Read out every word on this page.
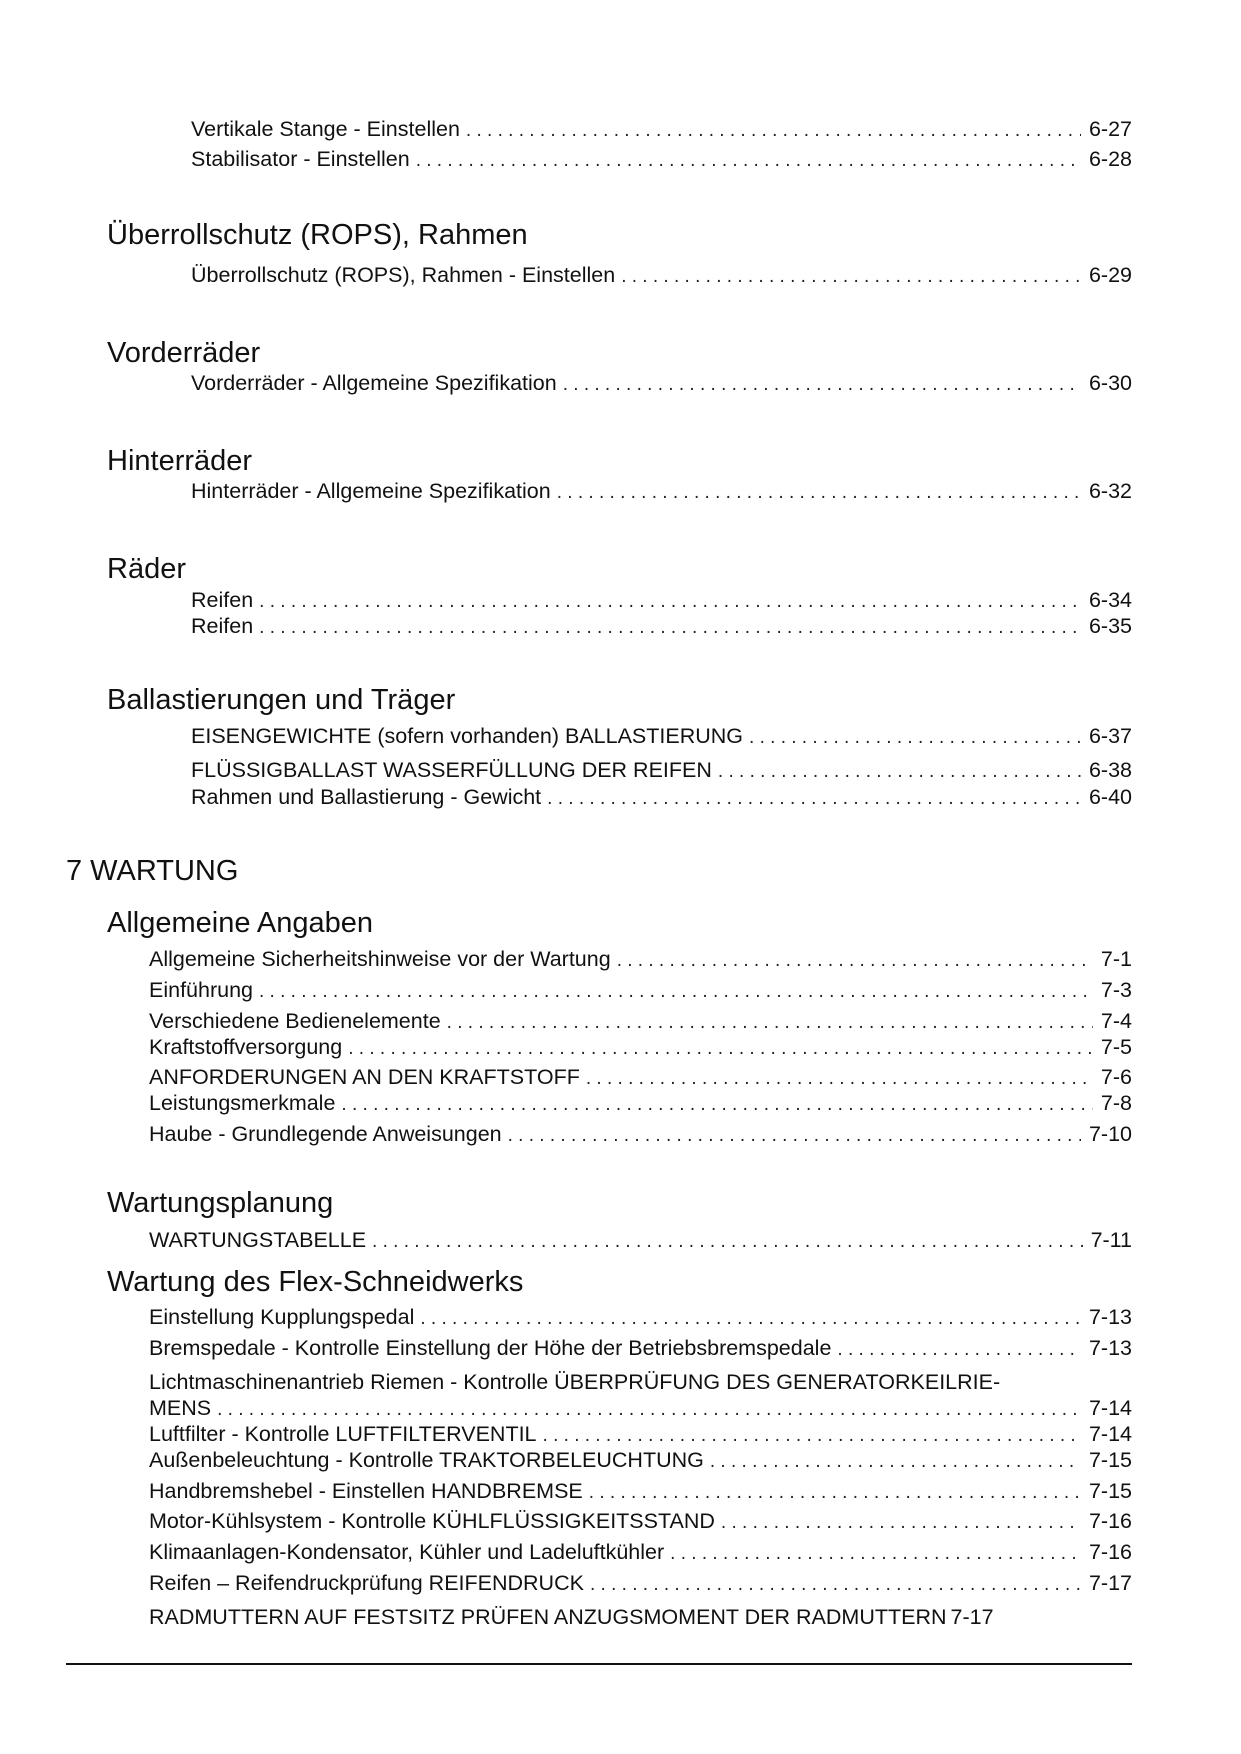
Vertikale Stange - Einstellen . . .	6-27
Stabilisator - Einstellen . . .	6-28
Überrollschutz (ROPS), Rahmen
Überrollschutz (ROPS), Rahmen - Einstellen . . .	6-29
Vorderräder
Vorderräder - Allgemeine Spezifikation . . .	6-30
Hinterräder
Hinterräder - Allgemeine Spezifikation . . .	6-32
Räder
Reifen . . .	6-34
Reifen . . .	6-35
Ballastierungen und Träger
EISENGEWICHTE (sofern vorhanden) BALLASTIERUNG . . .	6-37
FLÜSSIGBALLAST WASSERFÜLLUNG DER REIFEN . . .	6-38
Rahmen und Ballastierung - Gewicht . . .	6-40
7 WARTUNG
Allgemeine Angaben
Allgemeine Sicherheitshinweise vor der Wartung . . .	7-1
Einführung . . .	7-3
Verschiedene Bedienelemente . . .	7-4
Kraftstoffversorgung . . .	7-5
ANFORDERUNGEN AN DEN KRAFTSTOFF . . .	7-6
Leistungsmerkmale . . .	7-8
Haube - Grundlegende Anweisungen . . .	7-10
Wartungsplanung
WARTUNGSTABELLE . . .	7-11
Wartung des Flex-Schneidwerks
Einstellung Kupplungspedal . . .	7-13
Bremspedale - Kontrolle Einstellung der Höhe der Betriebsbremspedale . . .	7-13
Lichtmaschinenantrieb Riemen - Kontrolle ÜBERPRÜFUNG DES GENERATORKEILRIE-
MENS . . .	7-14
Luftfilter - Kontrolle LUFTFILTERVENTIL . . .	7-14
Außenbeleuchtung - Kontrolle TRAKTORBELEUCHTUNG . . .	7-15
Handbremshebel - Einstellen HANDBREMSE . . .	7-15
Motor-Kühlsystem - Kontrolle KÜHLFLÜSSIGKEITSSTAND . . .	7-16
Klimaanlagen-Kondensator, Kühler und Ladeluftkühler . . .	7-16
Reifen – Reifendruckprüfung REIFENDRUCK . . .	7-17
RADMUTTERN AUF FESTSITZ PRÜFEN ANZUGSMOMENT DER RADMUTTERN 7-17
